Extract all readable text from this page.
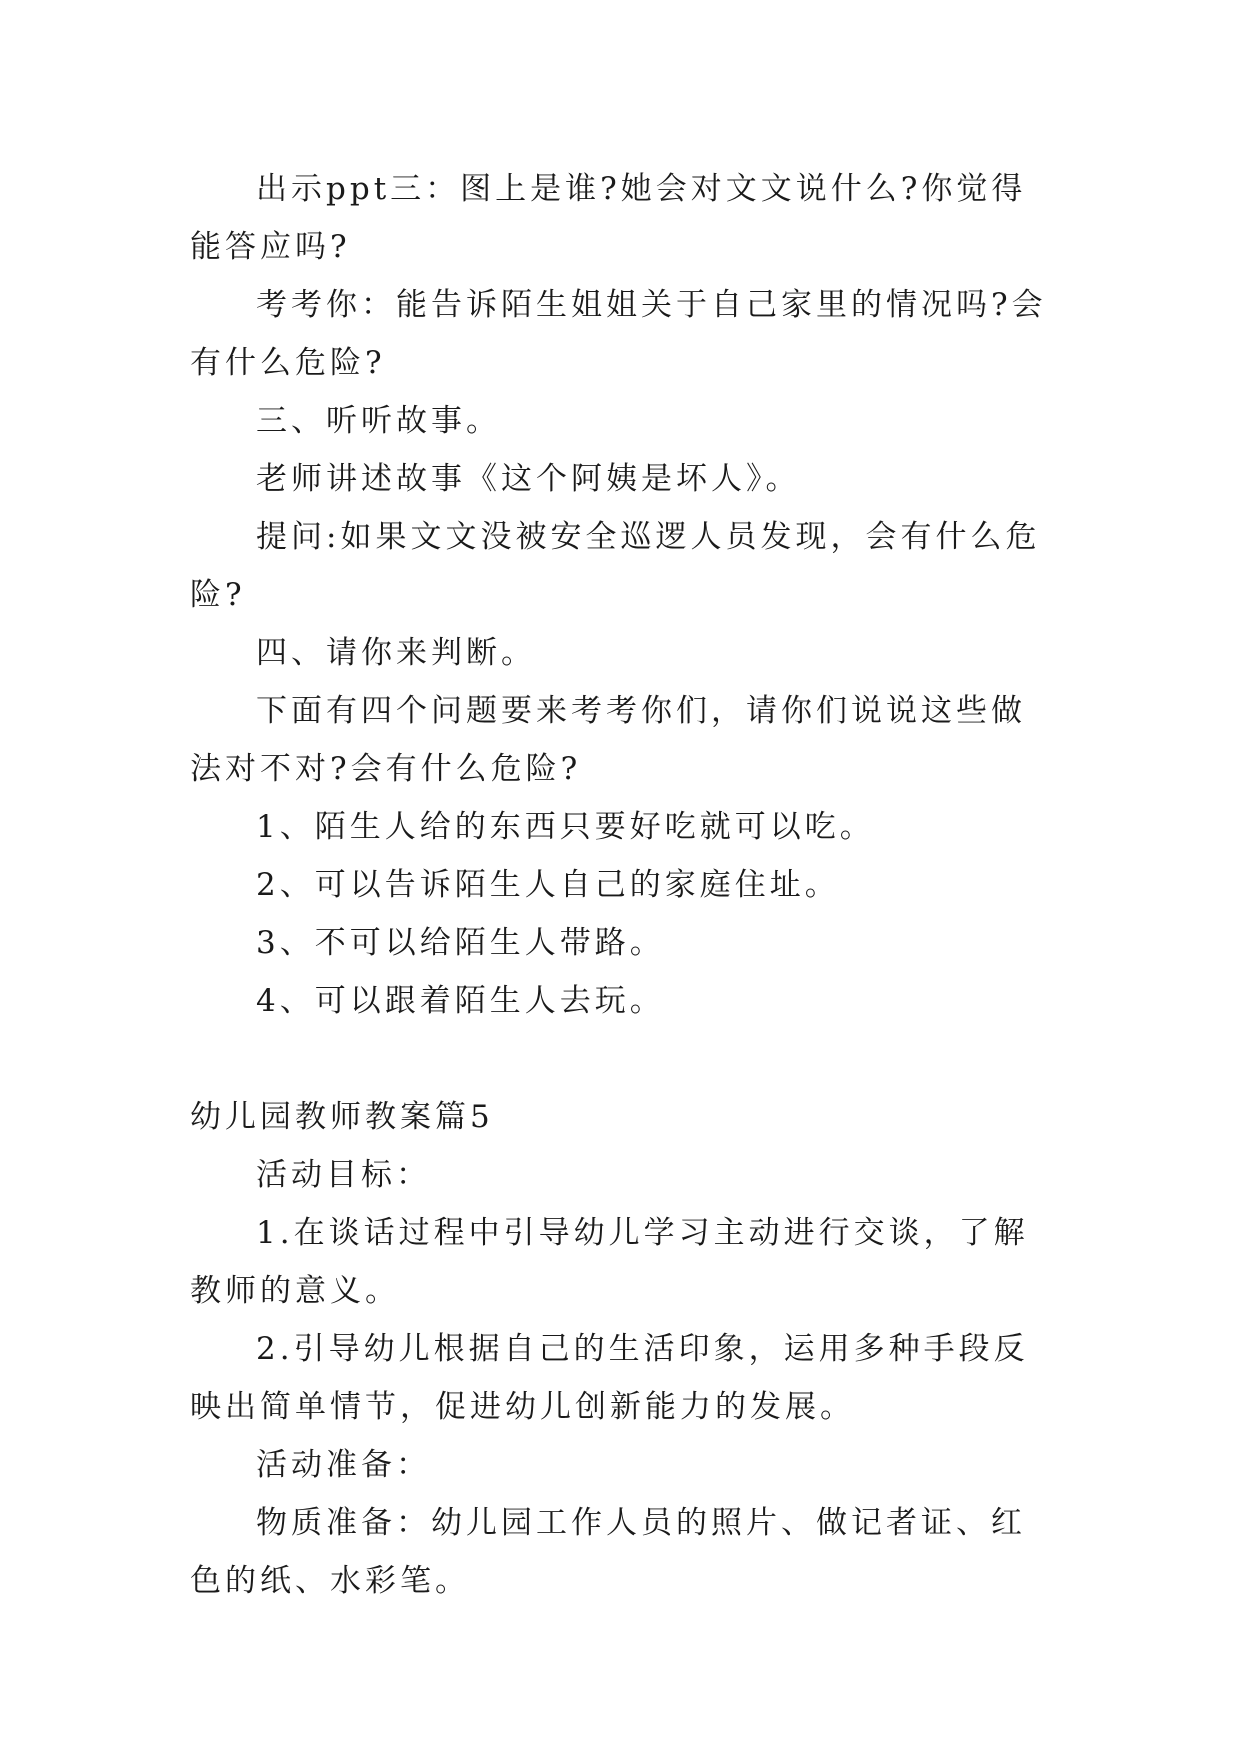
出示ppt三：图上是谁?她会对文文说什么?你觉得能答应吗?

考考你：能告诉陌生姐姐关于自己家里的情况吗?会有什么危险?

三、听听故事。

老师讲述故事《这个阿姨是坏人》。

提问:如果文文没被安全巡逻人员发现，会有什么危险?

四、请你来判断。

下面有四个问题要来考考你们，请你们说说这些做法对不对?会有什么危险?

1、陌生人给的东西只要好吃就可以吃。

2、可以告诉陌生人自己的家庭住址。

3、不可以给陌生人带路。

4、可以跟着陌生人去玩。

幼儿园教师教案篇5

活动目标：

1.在谈话过程中引导幼儿学习主动进行交谈，了解教师的意义。

2.引导幼儿根据自己的生活印象，运用多种手段反映出简单情节，促进幼儿创新能力的发展。

活动准备：

物质准备：幼儿园工作人员的照片、做记者证、红色的纸、水彩笔。
